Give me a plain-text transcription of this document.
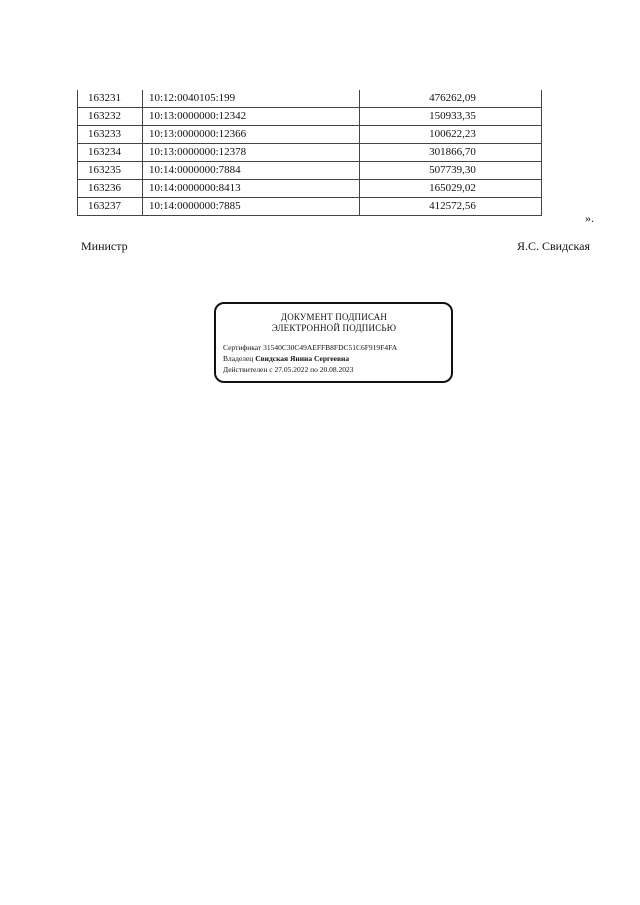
163231	10:12:0040105:199	476262,09
163232	10:13:0000000:12342	150933,35
163233	10:13:0000000:12366	100622,23
163234	10:13:0000000:12378	301866,70
163235	10:14:0000000:7884	507739,30
163236	10:14:0000000:8413	165029,02
163237	10:14:0000000:7885	412572,56
».
Министр	Я.С. Свидская
ДОКУМЕНТ ПОДПИСАН
ЭЛЕКТРОННОЙ ПОДПИСЬЮ
Сертификат 31540C30C49AEFFB8FDC51C6F919F4FA
Владелец Свидская Янина Сергеевна
Действителен с 27.05.2022 по 20.08.2023
